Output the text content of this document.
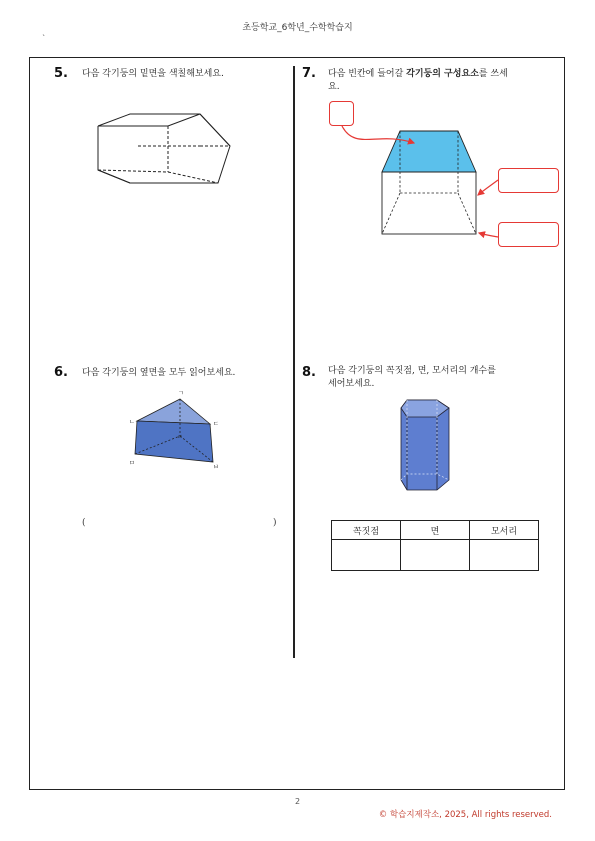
초등학교_6학년_수학학습지
`
5. 다음 각기둥의 밑면을 색칠해보세요.
6. 다음 각기둥의 옆면을 모두 읽어보세요.
ㄱ
ㄴ	ㄷ
ㄹ
ㅁ
ㅂ
(	)
7. 다음 빈칸에 들어갈 각기둥의 구성요소를 쓰세
요.
8. 다음 각기둥의 꼭짓점, 면, 모서리의 개수를
세어보세요.
꼭짓점	면	모서리

2
© 학습지제작소, 2025, All rights reserved.
